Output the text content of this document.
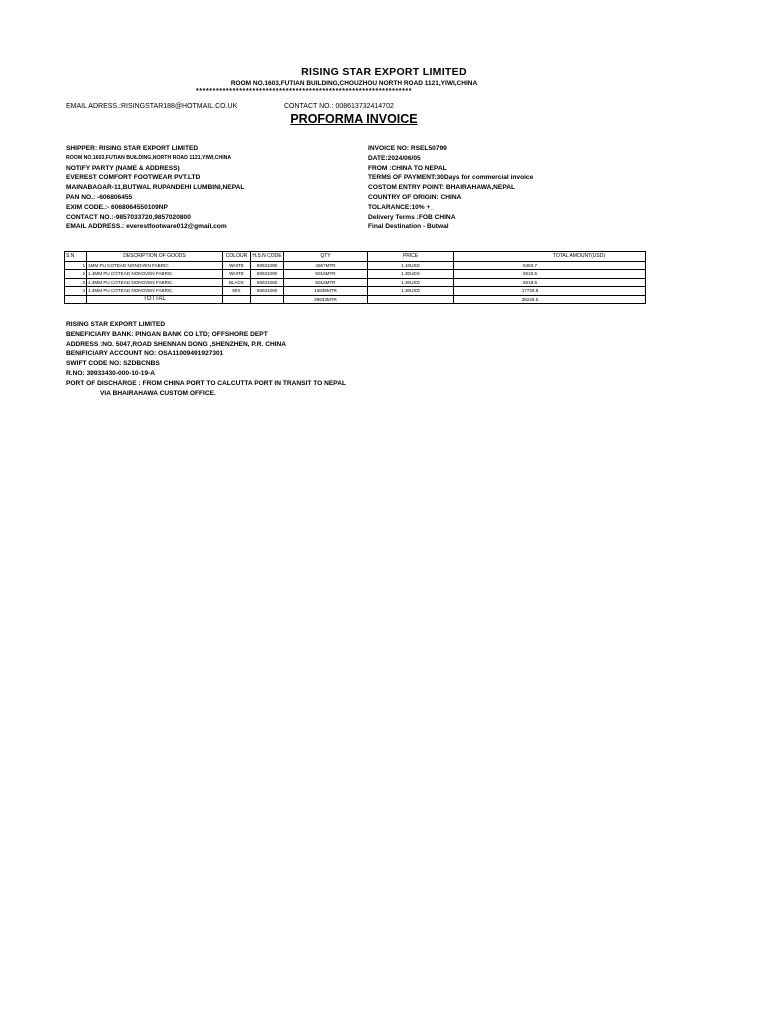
RISING STAR EXPORT LIMITED
ROOM NO.1603,FUTIAN BUILDING,CHOUZHOU NORTH ROAD 1121,YIWI,CHINA
*****************************************************************
EMAIL ADRESS.:RISINGSTAR188@HOTMAIL.CO.UK	CONTACT NO.: 008613732414702
PROFORMA INVOICE
SHIPPER: RISING STAR EXPORT LIMITED
ROOM NO.1603,FUTIAN BUILDING,NORTH ROAD 1121,YIWI,CHINA
NOTIFY PARTY (NAME & ADDRESS)
EVEREST COMFORT FOOTWEAR PVT.LTD
MAINABAGAR-11,BUTWAL RUPANDEHI LUMBINI,NEPAL
PAN NO.: -606806455
EXIM CODE.:- 6068064550109NP
CONTACT NO.:-9857033720,9857020800
EMAIL ADDRESS.: everestfootware012@gmail.com
INVOICE NO: RSEL50799
DATE:2024/06/05
FROM :CHINA TO NEPAL
TERMS OF PAYMENT:30Days for commercial invoice
COSTOM ENTRY POINT: BHAIRAHAWA,NEPAL
COUNTRY OF ORIGIN: CHINA
TOLARANCE:10% +_
Delivery Terms :FOB CHINA
Final Destination - Butwal
S.N	DESCRIPTION OF GOODS	COLOUR	H.S.N CODE	QTY	PRICE	TOTAL AMOUNT(USD)
1	1MM PU COTEAD NONOVEN FABRIC	WHITE	59031090	4967MTR	1.10USD	5463.7
2	1.4MM PU COTEAD NONOVEN FABRIC	WHITE	59031090	5015MTR	1.30UDS	6519.5
3	1.4MM PU COTEAD NONOVEN FABRIC	BLACK	59031090	5015MTR	1.30USD	6519.5
4	1.4MM PU COTEAD NONOVEN FABRIC	MIX	59031090	13636MTR	1.30USD	17726.8
	TOTTAL			28633MTR		36229.5
RISING STAR EXPORT LIMITED
BENEFICIARY BANK: PINGAN BANK CO LTD; OFFSHORE DEPT
ADDRESS :NO. 5047,ROAD SHENNAN DONG ,SHENZHEN, P.R. CHINA
BENIFICIARY ACCOUNT NO: OSA11009491927301
SWIFT CODE NO: SZDBCNBS
R.NO: 39933430-000-10-19-A
PORT OF DISCHARGE : FROM CHINA PORT TO CALCUTTA PORT IN TRANSIT TO NEPAL
VIA BHAIRAHAWA CUSTOM OFFICE.
